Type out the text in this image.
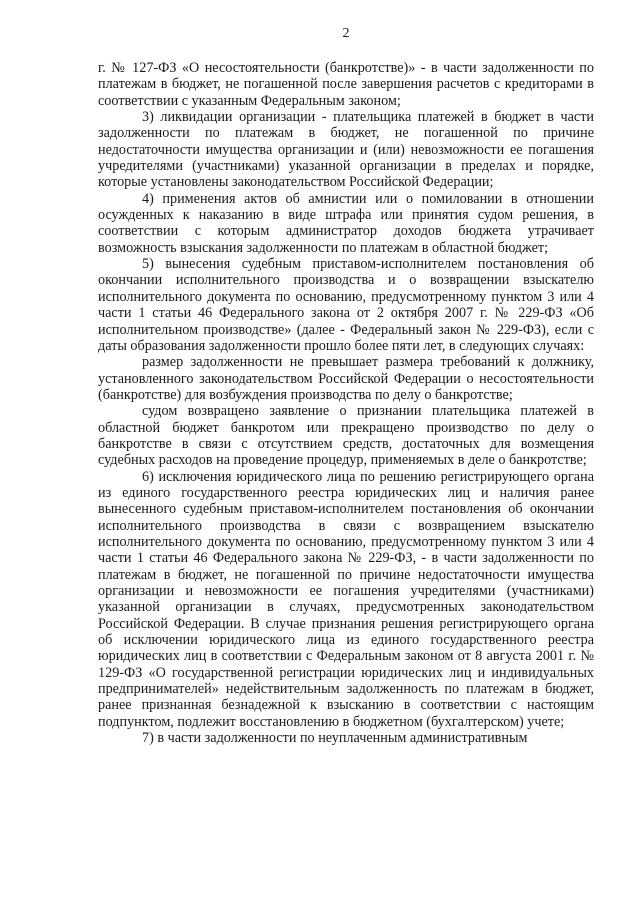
2

г. № 127-ФЗ «О несостоятельности (банкротстве)» - в части задолженности по платежам в бюджет, не погашенной после завершения расчетов с кредиторами в соответствии с указанным Федеральным законом;

3) ликвидации организации - плательщика платежей в бюджет в части задолженности по платежам в бюджет, не погашенной по причине недостаточности имущества организации и (или) невозможности ее погашения учредителями (участниками) указанной организации в пределах и порядке, которые установлены законодательством Российской Федерации;

4) применения актов об амнистии или о помиловании в отношении осужденных к наказанию в виде штрафа или принятия судом решения, в соответствии с которым администратор доходов бюджета утрачивает возможность взыскания задолженности по платежам в областной бюджет;

5) вынесения судебным приставом-исполнителем постановления об окончании исполнительного производства и о возвращении взыскателю исполнительного документа по основанию, предусмотренному пунктом 3 или 4 части 1 статьи 46 Федерального закона от 2 октября 2007 г. № 229-ФЗ «Об исполнительном производстве» (далее - Федеральный закон № 229-ФЗ), если с даты образования задолженности прошло более пяти лет, в следующих случаях:

размер задолженности не превышает размера требований к должнику, установленного законодательством Российской Федерации о несостоятельности (банкротстве) для возбуждения производства по делу о банкротстве;

судом возвращено заявление о признании плательщика платежей в областной бюджет банкротом или прекращено производство по делу о банкротстве в связи с отсутствием средств, достаточных для возмещения судебных расходов на проведение процедур, применяемых в деле о банкротстве;

6) исключения юридического лица по решению регистрирующего органа из единого государственного реестра юридических лиц и наличия ранее вынесенного судебным приставом-исполнителем постановления об окончании исполнительного производства в связи с возвращением взыскателю исполнительного документа по основанию, предусмотренному пунктом 3 или 4 части 1 статьи 46 Федерального закона № 229-ФЗ, - в части задолженности по платежам в бюджет, не погашенной по причине недостаточности имущества организации и невозможности ее погашения учредителями (участниками) указанной организации в случаях, предусмотренных законодательством Российской Федерации. В случае признания решения регистрирующего органа об исключении юридического лица из единого государственного реестра юридических лиц в соответствии с Федеральным законом от 8 августа 2001 г. № 129-ФЗ «О государственной регистрации юридических лиц и индивидуальных предпринимателей» недействительным задолженность по платежам в бюджет, ранее признанная безнадежной к взысканию в соответствии с настоящим подпунктом, подлежит восстановлению в бюджетном (бухгалтерском) учете;

7) в части задолженности по неуплаченным административным
